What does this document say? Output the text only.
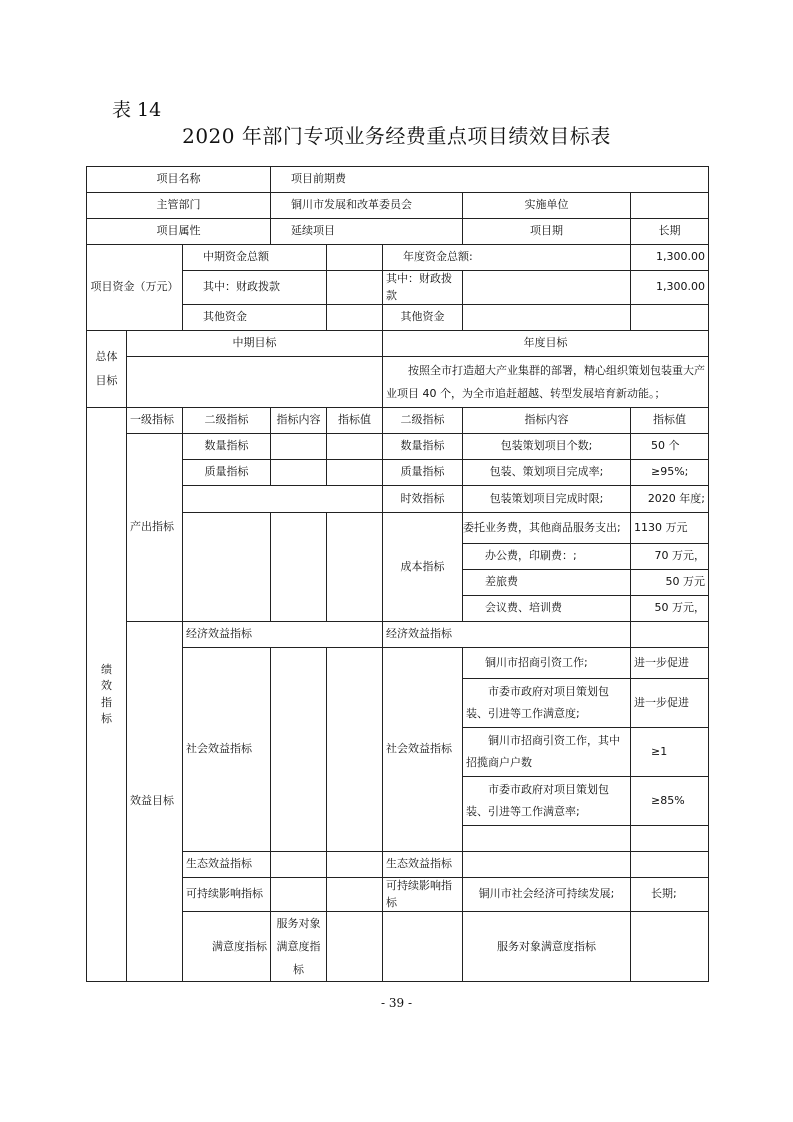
表 14
2020 年部门专项业务经费重点项目绩效目标表
项目名称			项目前期费					
主管部门			铜川市发展和改革委员会			实施单位		
项目属性			延续项目			项目期	长期	
项目资金（万元）		中期资金总额			年度资金总额:		1,300.00	
		其中：财政拨款			其中：财政拨款		1,300.00	
		其他资金			其他资金			
总体
目标	中期目标				年度目标			
					按照全市打造超大产业集群的部署，精心组织策划包装重大产业项目 40 个，为全市追赶超越、转型发展培育新动能。；			
绩
效
指
标	一级指标	二级指标	指标内容	指标值	二级指标	指标内容	指标值	
	产出指标	数量指标			数量指标	包装策划项目个数;	50 个	
		质量指标			质量指标	包装、策划项目完成率;	≥95%;	
					时效指标	包装策划项目完成时限;	2020 年度;	
					成本指标	委托业务费，其他商品服务支出;	1130 万元	
						办公费，印刷费：;	70 万元，	
						差旅费	50 万元	
						会议费、培训费	50 万元，	
	效益目标	经济效益指标			经济效益指标			
		社会效益指标			社会效益指标	铜川市招商引资工作;	进一步促进	
						市委市政府对项目策划包装、引进等工作满意度;	进一步促进	
						铜川市招商引资工作，其中招揽商户户数	≥1	
						市委市政府对项目策划包装、引进等工作满意率;	≥85%	

		生态效益指标			生态效益指标			
		可持续影响指标			可持续影响指标	铜川市社会经济可持续发展;	长期;	
		满意度指标	服务对象满意度指标			服务对象满意度指标		
- 39 -
